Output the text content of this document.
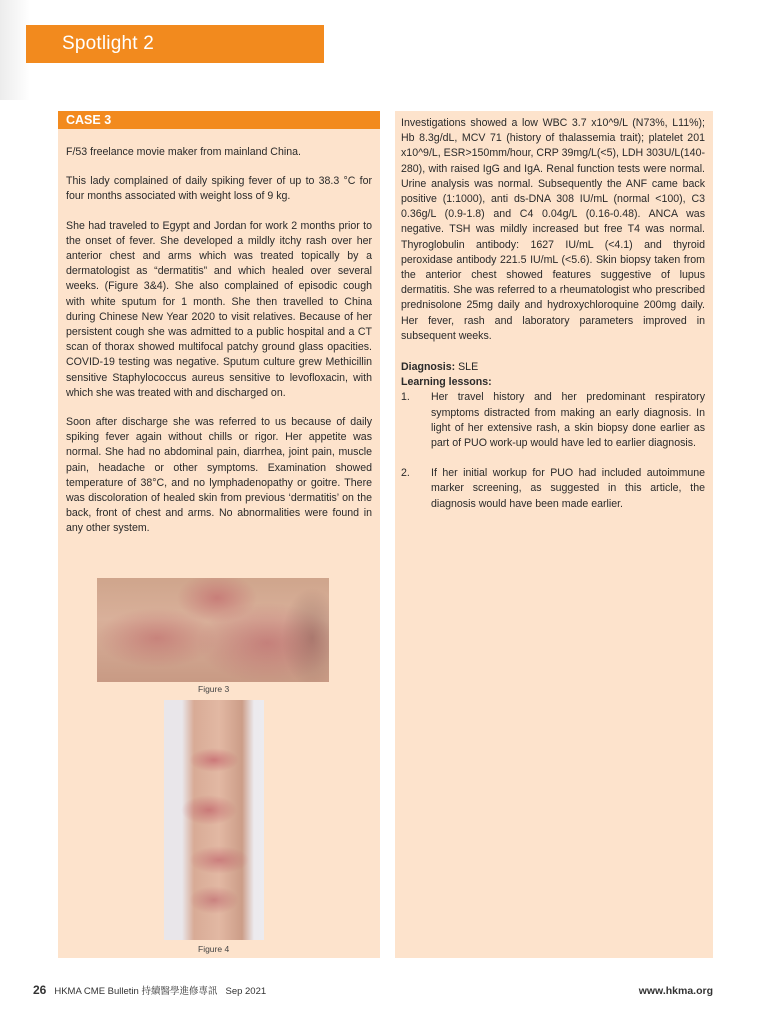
Spotlight 2
CASE 3

F/53 freelance movie maker from mainland China.

This lady complained of daily spiking fever of up to 38.3 °C for four months associated with weight loss of 9 kg.

She had traveled to Egypt and Jordan for work 2 months prior to the onset of fever. She developed a mildly itchy rash over her anterior chest and arms which was treated topically by a dermatologist as “dermatitis” and which healed over several weeks. (Figure 3&4). She also complained of episodic cough with white sputum for 1 month. She then travelled to China during Chinese New Year 2020 to visit relatives. Because of her persistent cough she was admitted to a public hospital and a CT scan of thorax showed multifocal patchy ground glass opacities. COVID-19 testing was negative. Sputum culture grew Methicillin sensitive Staphylococcus aureus sensitive to levofloxacin, with which she was treated with and discharged on.

Soon after discharge she was referred to us because of daily spiking fever again without chills or rigor. Her appetite was normal. She had no abdominal pain, diarrhea, joint pain, muscle pain, headache or other symptoms. Examination showed temperature of 38°C, and no lymphadenopathy or goitre. There was discoloration of healed skin from previous ‘dermatitis’ on the back, front of chest and arms. No abnormalities were found in any other system.

Figure 3
Figure 4

Investigations showed a low WBC 3.7 x10^9/L (N73%, L11%); Hb 8.3g/dL, MCV 71 (history of thalassemia trait); platelet 201 x10^9/L, ESR>150mm/hour, CRP 39mg/L(<5), LDH 303U/L(140-280), with raised IgG and IgA. Renal function tests were normal. Urine analysis was normal. Subsequently the ANF came back positive (1:1000), anti ds-DNA 308 IU/mL (normal <100), C3 0.36g/L (0.9-1.8) and C4 0.04g/L (0.16-0.48). ANCA was negative. TSH was mildly increased but free T4 was normal. Thyroglobulin antibody: 1627 IU/mL (<4.1) and thyroid peroxidase antibody 221.5 IU/mL (<5.6). Skin biopsy taken from the anterior chest showed features suggestive of lupus dermatitis. She was referred to a rheumatologist who prescribed prednisolone 25mg daily and hydroxychloroquine 200mg daily. Her fever, rash and laboratory parameters improved in subsequent weeks.

Diagnosis: SLE

Learning lessons:

1.	Her travel history and her predominant respiratory symptoms distracted from making an early diagnosis. In light of her extensive rash, a skin biopsy done earlier as part of PUO work-up would have led to earlier diagnosis.
2.	If her initial workup for PUO had included autoimmune marker screening, as suggested in this article, the diagnosis would have been made earlier.
26 HKMA CME Bulletin 持續醫學進修專訊 Sep 2021	www.hkma.org
